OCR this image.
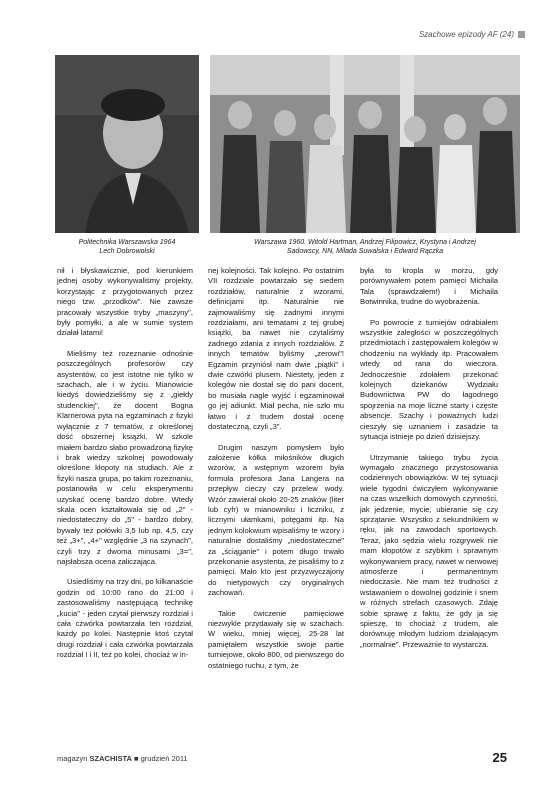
Szachowe epizody AF (24)
Politechnika Warszawska 1964
Lech Dobrowolski
Warszawa 1960. Witold Hartman, Andrzej Filipowicz, Krystyna i Andrzej
Sadowscy, NN, Milada Suwalska i Edward Rączka

nił i błyskawicznie, pod kierunkiem jednej osoby wykonywaliśmy projekty, korzystając z przygotowanych przez niego tzw. „przodków". Nie zawsze pracowały wszystkie tryby „maszyny", były pomyłki, a ale w sumie system działał latami!

Mieliśmy też rozeznanie odnośnie poszczególnych profesorów czy asystentów, co jest istotne nie tylko w szachach, ale i w życiu. Mianowicie kiedyś dowiedzieliśmy się z „giełdy studenckiej", że docent Bogna Klarnerowa pyta na egzaminach z fizyki wyłącznie z 7 tematów, z określonej dość obszernej książki. W szkole miałem bardzo słabo prowadzoną fizykę i brak wiedzy szkolnej powodowały określone kłopoty na studiach. Ale z fizyki nasza grupa, po takim rozeznaniu, postanowiła w celu eksperymentu uzyskać ocenę bardzo dobre. Wtedy skala ocen kształtowała się od „2" - niedostateczny do „5" - bardzo dobry, bywały też połówki 3,5 lub np. 4,5, czy też „3+", „4+" względnie „3 na szynach", czyli trzy z dwoma minusami „3=", najsłabsza ocena zaliczająca.

Usiedliśmy na trzy dni, po kilkanaście godzin od 10:00 rano do 21:00 i zastosowaliśmy następującą technikę „kucia" - jeden czytał pierwszy rozdział i cała czwórka powtarzała ten rozdział, każdy po kolei. Następnie ktoś czytał drugi rozdział i cała czwórka powtarzała rozdział I i II, też po kolei, chociaż w in-

nej kolejności. Tak kolejno. Po ostatnim VII rozdziale powtarzało się siedem rozdziałów, naturalnie z wzorami, definicjami itp. Naturalnie nie zajmowaliśmy się żadnymi innymi rozdziałami, ani tematami z tej grubej książki, ba nawet nie czytaliśmy żadnego zdania z innych rozdziałów. Z innych tematów byliśmy „zerowi"! Egzamin przyniósł nam dwie „piątki" i dwie czwórki plusem. Niestety, jeden z kolegów nie dostał się do pani docent, bo musiała nagle wyjść i egzaminował go jej adiunkt. Miał pecha, nie szło mu łatwo i z trudem dostał ocenę dostateczną, czyli „3".

Drugim naszym pomysłem było założenie kółka miłośników długich wzorów, a wstępnym wzorem była formuła profesora Jana Langera na przepływ cieczy czy przelew wody. Wzór zawierał około 20-25 znaków (liter lub cyfr) w mianowniku i liczniku, z licznymi ułamkami, potęgami itp. Na jednym kolokwium wpisaliśmy te wzory i naturalnie dostaliśmy „niedostateczne" za „ściąganie" i potem długo trwało przekonanie asystenta, że pisaliśmy to z pamięci. Mało kto jest przyzwyczajony do nietypowych czy oryginalnych zachowań.

Takie ćwiczenie pamięciowe niezwykle przydawały się w szachach. W wieku, mniej więcej, 25-28 lat pamiętałem wszystkie swoje partie turniejowe, około 800, od pierwszego do ostatniego ruchu, z tym, że

była to kropla w morzu, gdy porównywałem potem pamięci Michaila Tala (sprawdzałem!) i Michaila Botwinnika, trudne do wyobrażenia.

Po powrocie z turniejów odrabiałem wszystkie zaległości w poszczególnych przedmiotach i zastępowałem kolegów w chodzeniu na wykłady itp. Pracowałem wtedy od rana do wieczora. Jednocześnie zdołałem przekonać kolejnych dziekanów Wydziału Budownictwa PW do łagodnego spojrzenia na moje liczne starty i częste absencje. Szachy i poważnych ludzi cieszyły się uznaniem i zasadzie ta sytuacja istnieje po dzień dzisiejszy.

Utrzymanie takiego trybu życia wymagało znacznego przystosowania codziennych obowiązków. W tej sytuacji wiele tygodni ćwiczyłem wykonywanie na czas wszelkich domowych czynności, jak jedzenie, mycie, ubieranie się czy sprzątanie. Wszystko z sekundnikiem w ręku, jak na zawodach sportowych. Teraz, jako sędzia wielu rozgrywek nie mam kłopotów z szybkim i sprawnym wykonywaniem pracy, nawet w nerwowej atmosferze i permanentnym niedoczasie. Nie mam też trudności z wstawaniem o dowolnej godzinie i snem w różnych strefach czasowych. Zdaję sobie sprawę z faktu, że gdy ja się spieszę, to chociaż z trudem, ale dorównuję młodym ludziom działającym „normalnie". Przeważnie to wystarcza.

magazyn SZACHISTA ■ grudzień 2011	25
